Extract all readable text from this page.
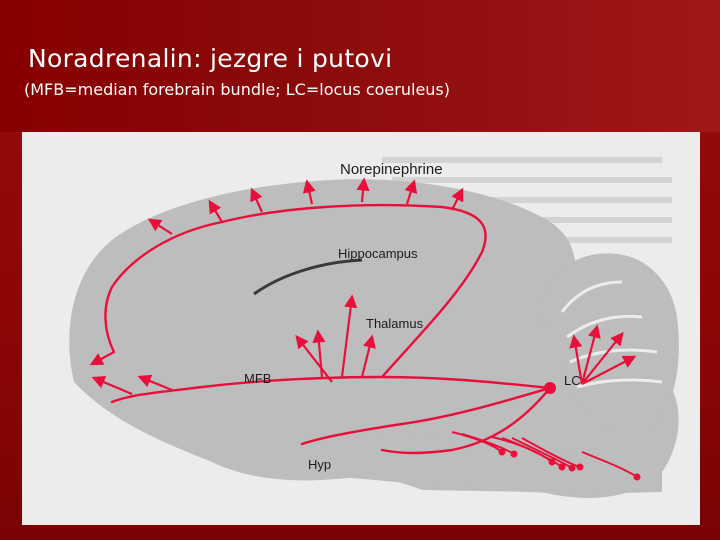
Noradrenalin: jezgre i putovi
(MFB=median forebrain bundle; LC=locus coeruleus)
Norepinephrine
Hippocampus
Thalamus
MFB	LC
Hyp
